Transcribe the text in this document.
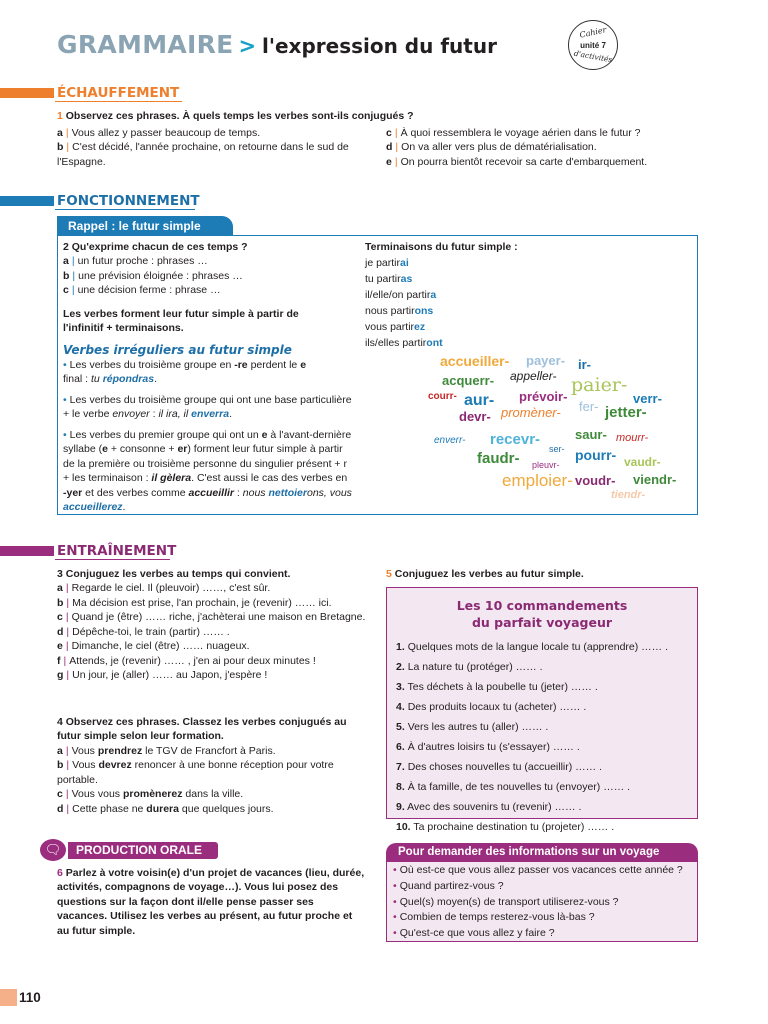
GRAMMAIRE > l'expression du futur
Cahier
unité 7
d'activités
ÉCHAUFFEMENT
1 Observez ces phrases. À quels temps les verbes sont-ils conjugués ?
a | Vous allez y passer beaucoup de temps.
b | C'est décidé, l'année prochaine, on retourne dans le sud de l'Espagne.
c | À quoi ressemblera le voyage aérien dans le futur ?
d | On va aller vers plus de dématérialisation.
e | On pourra bientôt recevoir sa carte d'embarquement.
FONCTIONNEMENT
Rappel : le futur simple
2 Qu'exprime chacun de ces temps ?
a | un futur proche : phrases …
b | une prévision éloignée : phrases …
c | une décision ferme : phrase …
Les verbes forment leur futur simple à partir de
l'infinitif + terminaisons.
Verbes irréguliers au futur simple

• Les verbes du troisième groupe en -re perdent le e
final : tu répondras.

• Les verbes du troisième groupe qui ont une base particulière + le verbe envoyer : il ira, il enverra.

• Les verbes du premier groupe qui ont un e à l'avant-dernière syllabe (e + consonne + er) forment leur futur simple à partir de la première ou troisième personne du singulier présent + r + les terminaison : il gèlera. C'est aussi le cas des verbes en -yer et des verbes comme accueillir : nous nettoierons, vous accueillerez.

Terminaisons du futur simple :
je partirai
tu partiras
il/elle/on partira
nous partirons
vous partirez
ils/elles partiront
accueiller- payer- ir-
acquerr- appeller- paier-
courr- aur- prévoir-	verr-
fer-
devr- promèner-	jetter-
enverr- recevr-	saur- mourr-
ser-
faudr- pleuvr-
pourr- vaudr-
emploier- voudr- viendr-
tiendr-
ENTRAÎNEMENT
3 Conjuguez les verbes au temps qui convient.
a | Regarde le ciel. Il (pleuvoir) ……, c'est sûr.
b | Ma décision est prise, l'an prochain, je (revenir) …… ici.
c | Quand je (être) …… riche, j'achèterai une maison en Bretagne.
d | Dépêche-toi, le train (partir) …… .
e | Dimanche, le ciel (être) …… nuageux.
f | Attends, je (revenir) …… , j'en ai pour deux minutes !
g | Un jour, je (aller) …… au Japon, j'espère !
4 Observez ces phrases. Classez les verbes conjugués au futur simple selon leur formation.
a | Vous prendrez le TGV de Francfort à Paris.
b | Vous devrez renoncer à une bonne réception pour votre portable.
c | Vous vous promènerez dans la ville.
d | Cette phase ne durera que quelques jours.
5 Conjuguez les verbes au futur simple.
Les 10 commandements
du parfait voyageur
1. Quelques mots de la langue locale tu (apprendre) …… .
2. La nature tu (protéger) …… .
3. Tes déchets à la poubelle tu (jeter) …… .
4. Des produits locaux tu (acheter) …… .
5. Vers les autres tu (aller) …… .
6. À d'autres loisirs tu (s'essayer) …… .
7. Des choses nouvelles tu (accueillir) …… .
8. À ta famille, de tes nouvelles tu (envoyer) …… .
9. Avec des souvenirs tu (revenir) …… .
10. Ta prochaine destination tu (projeter) …… .
🗨	PRODUCTION ORALE
6 Parlez à votre voisin(e) d'un projet de vacances (lieu, durée, activités, compagnons de voyage…). Vous lui posez des questions sur la façon dont il/elle pense passer ses vacances. Utilisez les verbes au présent, au futur proche et au futur simple.
Pour demander des informations sur un voyage
• Où est-ce que vous allez passer vos vacances cette année ?
• Quand partirez-vous ?
• Quel(s) moyen(s) de transport utiliserez-vous ?
• Combien de temps resterez-vous là-bas ?
• Qu'est-ce que vous allez y faire ?
110
